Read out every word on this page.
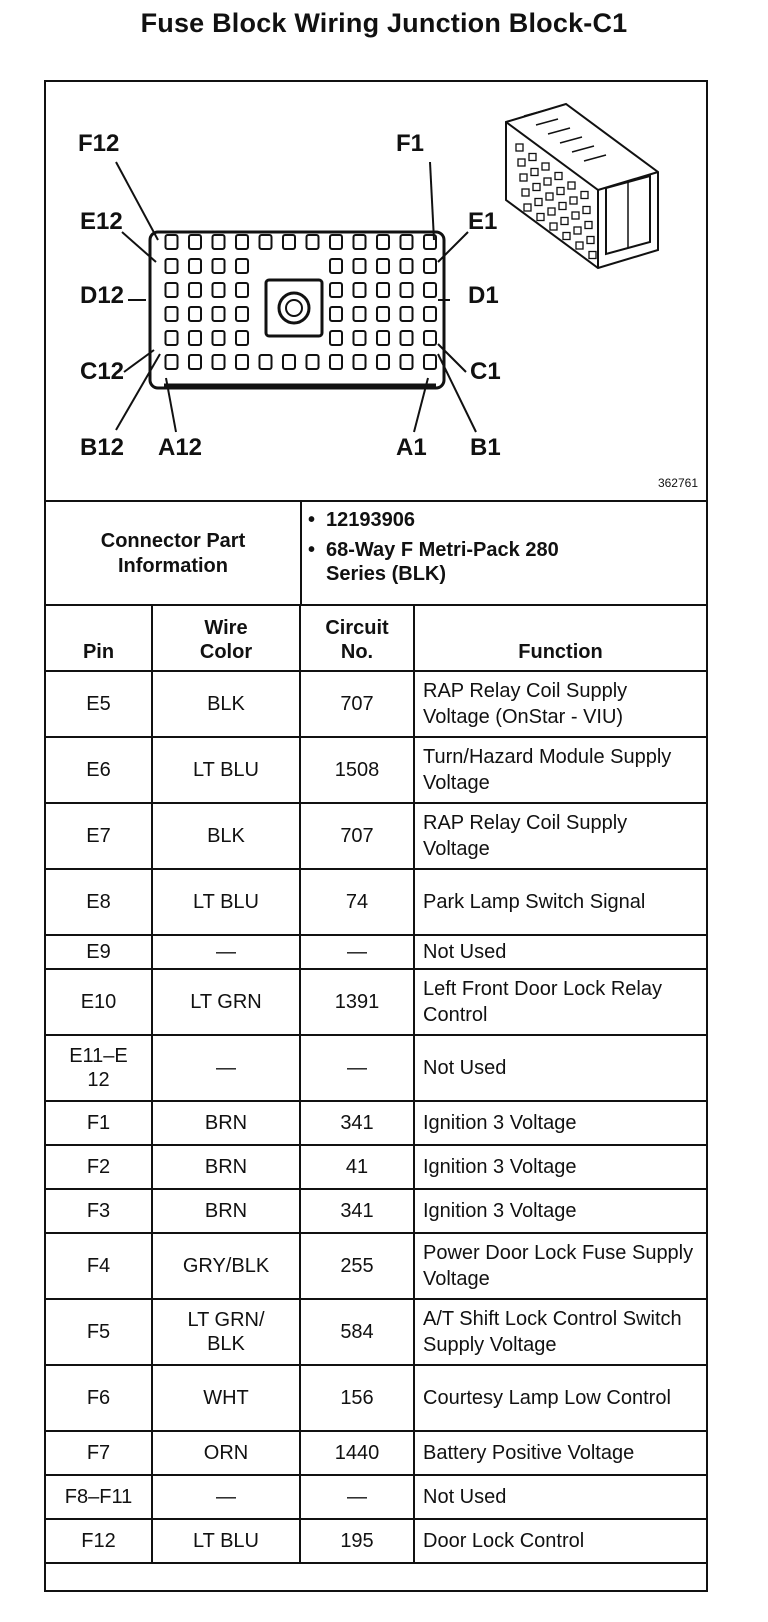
Fuse Block Wiring Junction Block-C1
F12	F1
E12	E1
D12	D1
C12	C1
B12 A12	A1 B1
362761
Connector Part Information
• 12193906
• 68-Way F Metri-Pack 280 Series (BLK)
Pin	Wire Color	Circuit No.	Function
E5	BLK	707	RAP Relay Coil Supply Voltage (OnStar - VIU)
E6	LT BLU	1508	Turn/Hazard Module Supply Voltage
E7	BLK	707	RAP Relay Coil Supply Voltage
E8	LT BLU	74	Park Lamp Switch Signal
E9	—	—	Not Used
E10	LT GRN	1391	Left Front Door Lock Relay Control
E11–E12	—	—	Not Used
F1	BRN	341	Ignition 3 Voltage
F2	BRN	41	Ignition 3 Voltage
F3	BRN	341	Ignition 3 Voltage
F4	GRY/BLK	255	Power Door Lock Fuse Supply Voltage
F5	LT GRN/ BLK	584	A/T Shift Lock Control Switch Supply Voltage
F6	WHT	156	Courtesy Lamp Low Control
F7	ORN	1440	Battery Positive Voltage
F8–F11	—	—	Not Used
F12	LT BLU	195	Door Lock Control
